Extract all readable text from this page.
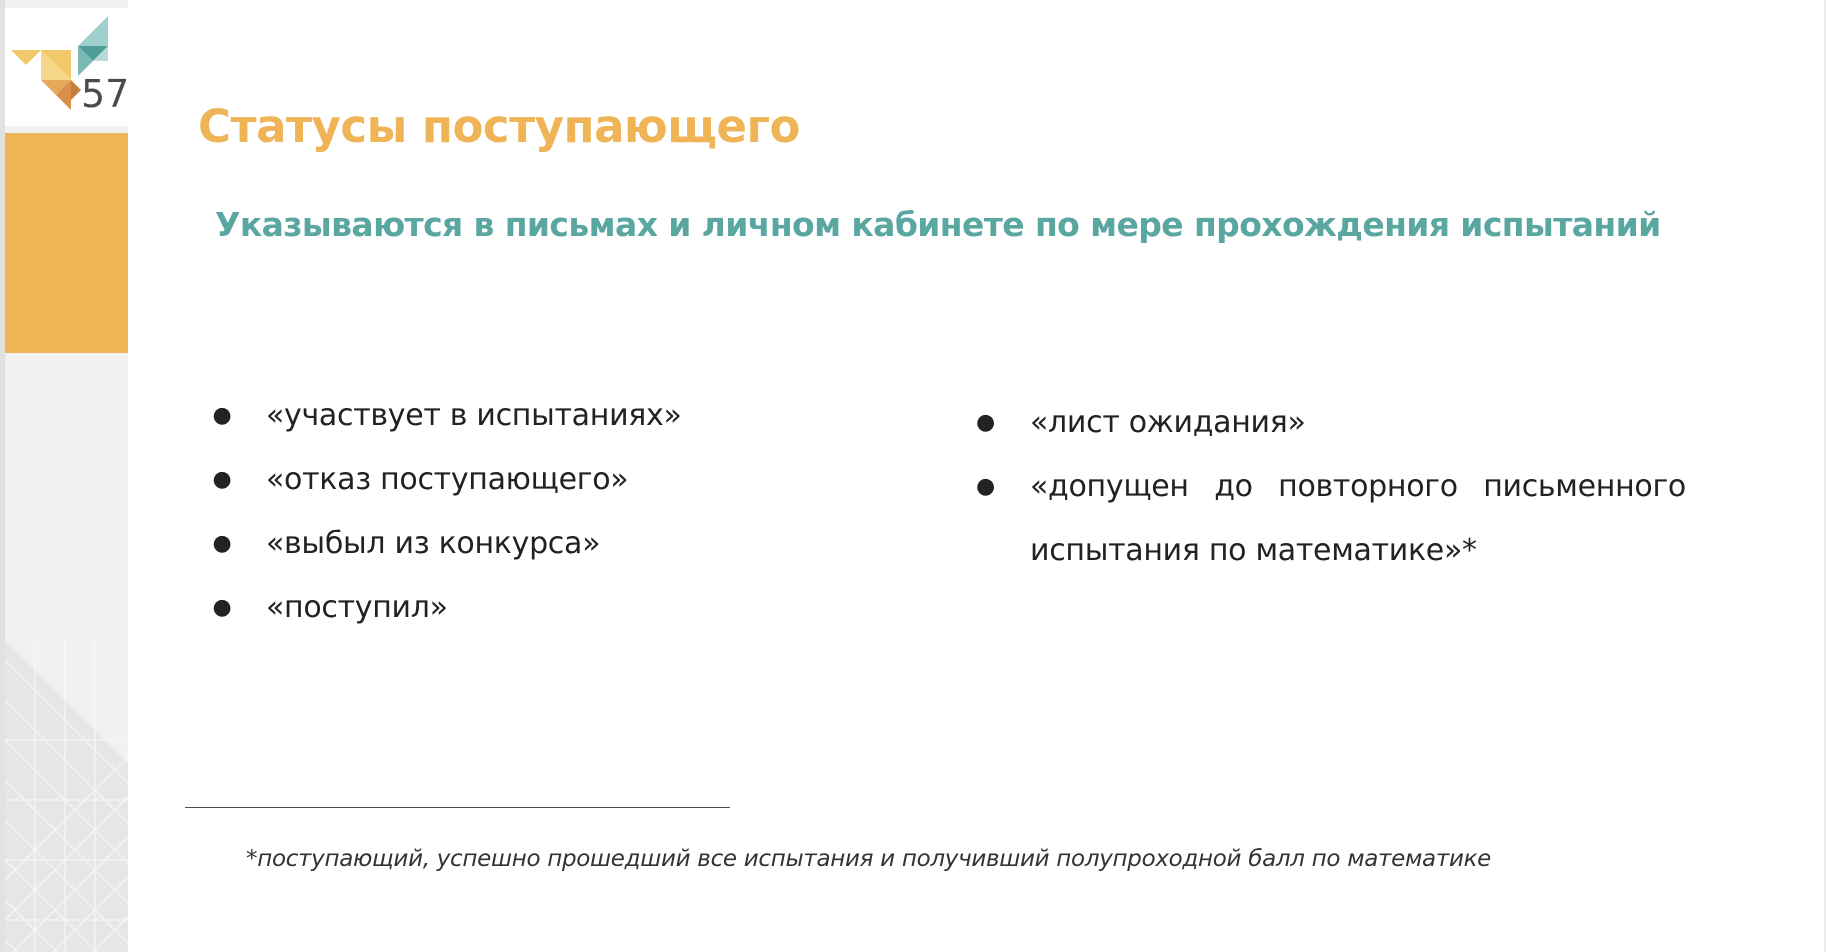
57
Статусы поступающего
Указываются в письмах и личном кабинете по мере прохождения испытаний
● «участвует в испытаниях»
● «отказ поступающего»
● «выбыл из конкурса»
● «поступил»
● «лист ожидания»
● «допущен до повторного письменного испытания по математике»*
*поступающий, успешно прошедший все испытания и получивший полупроходной балл по математике
